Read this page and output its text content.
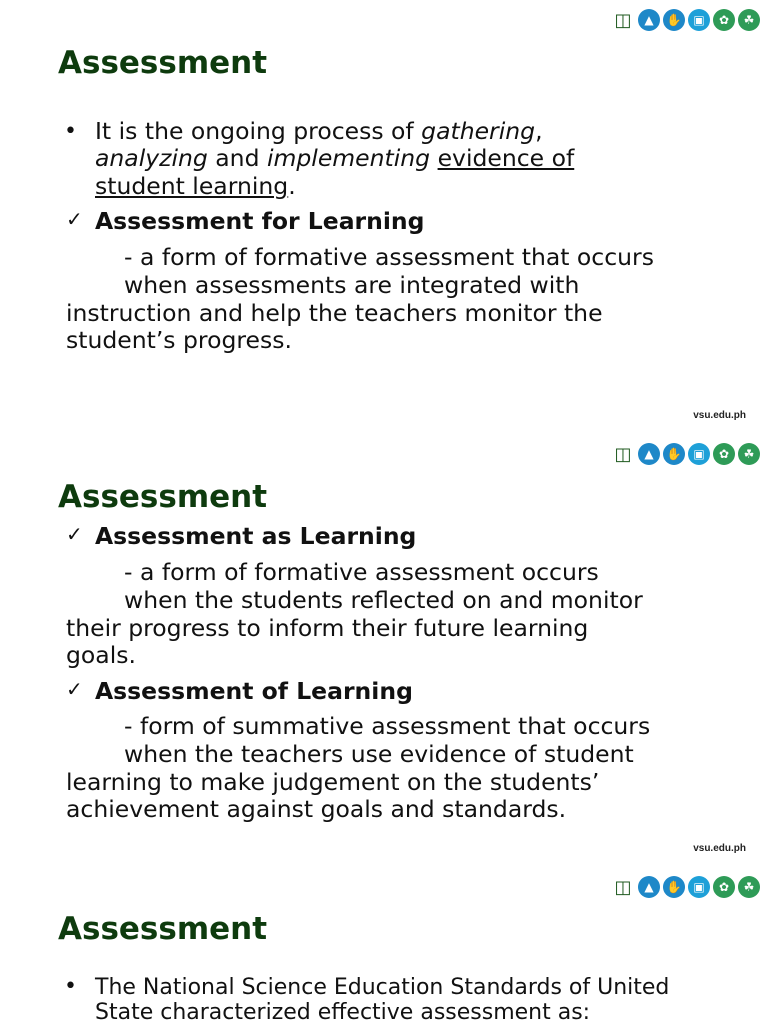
◫	▲	✋ ▣	✿	☘
Assessment
• It is the ongoing process of gathering,
analyzing and implementing evidence of
student learning.
✓ Assessment for Learning
- a form of formative assessment that occurs
when assessments are integrated with
instruction and help the teachers monitor the
student’s progress.
vsu.edu.ph
◫	▲	✋ ▣	✿	☘
Assessment
✓ Assessment as Learning
- a form of formative assessment occurs
when the students reflected on and monitor
their progress to inform their future learning
goals.
✓ Assessment of Learning
- form of summative assessment that occurs
when the teachers use evidence of student
learning to make judgement on the students’
achievement against goals and standards.
vsu.edu.ph
◫	▲	✋ ▣	✿	☘
Assessment
• The National Science Education Standards of United
State characterized effective assessment as:
